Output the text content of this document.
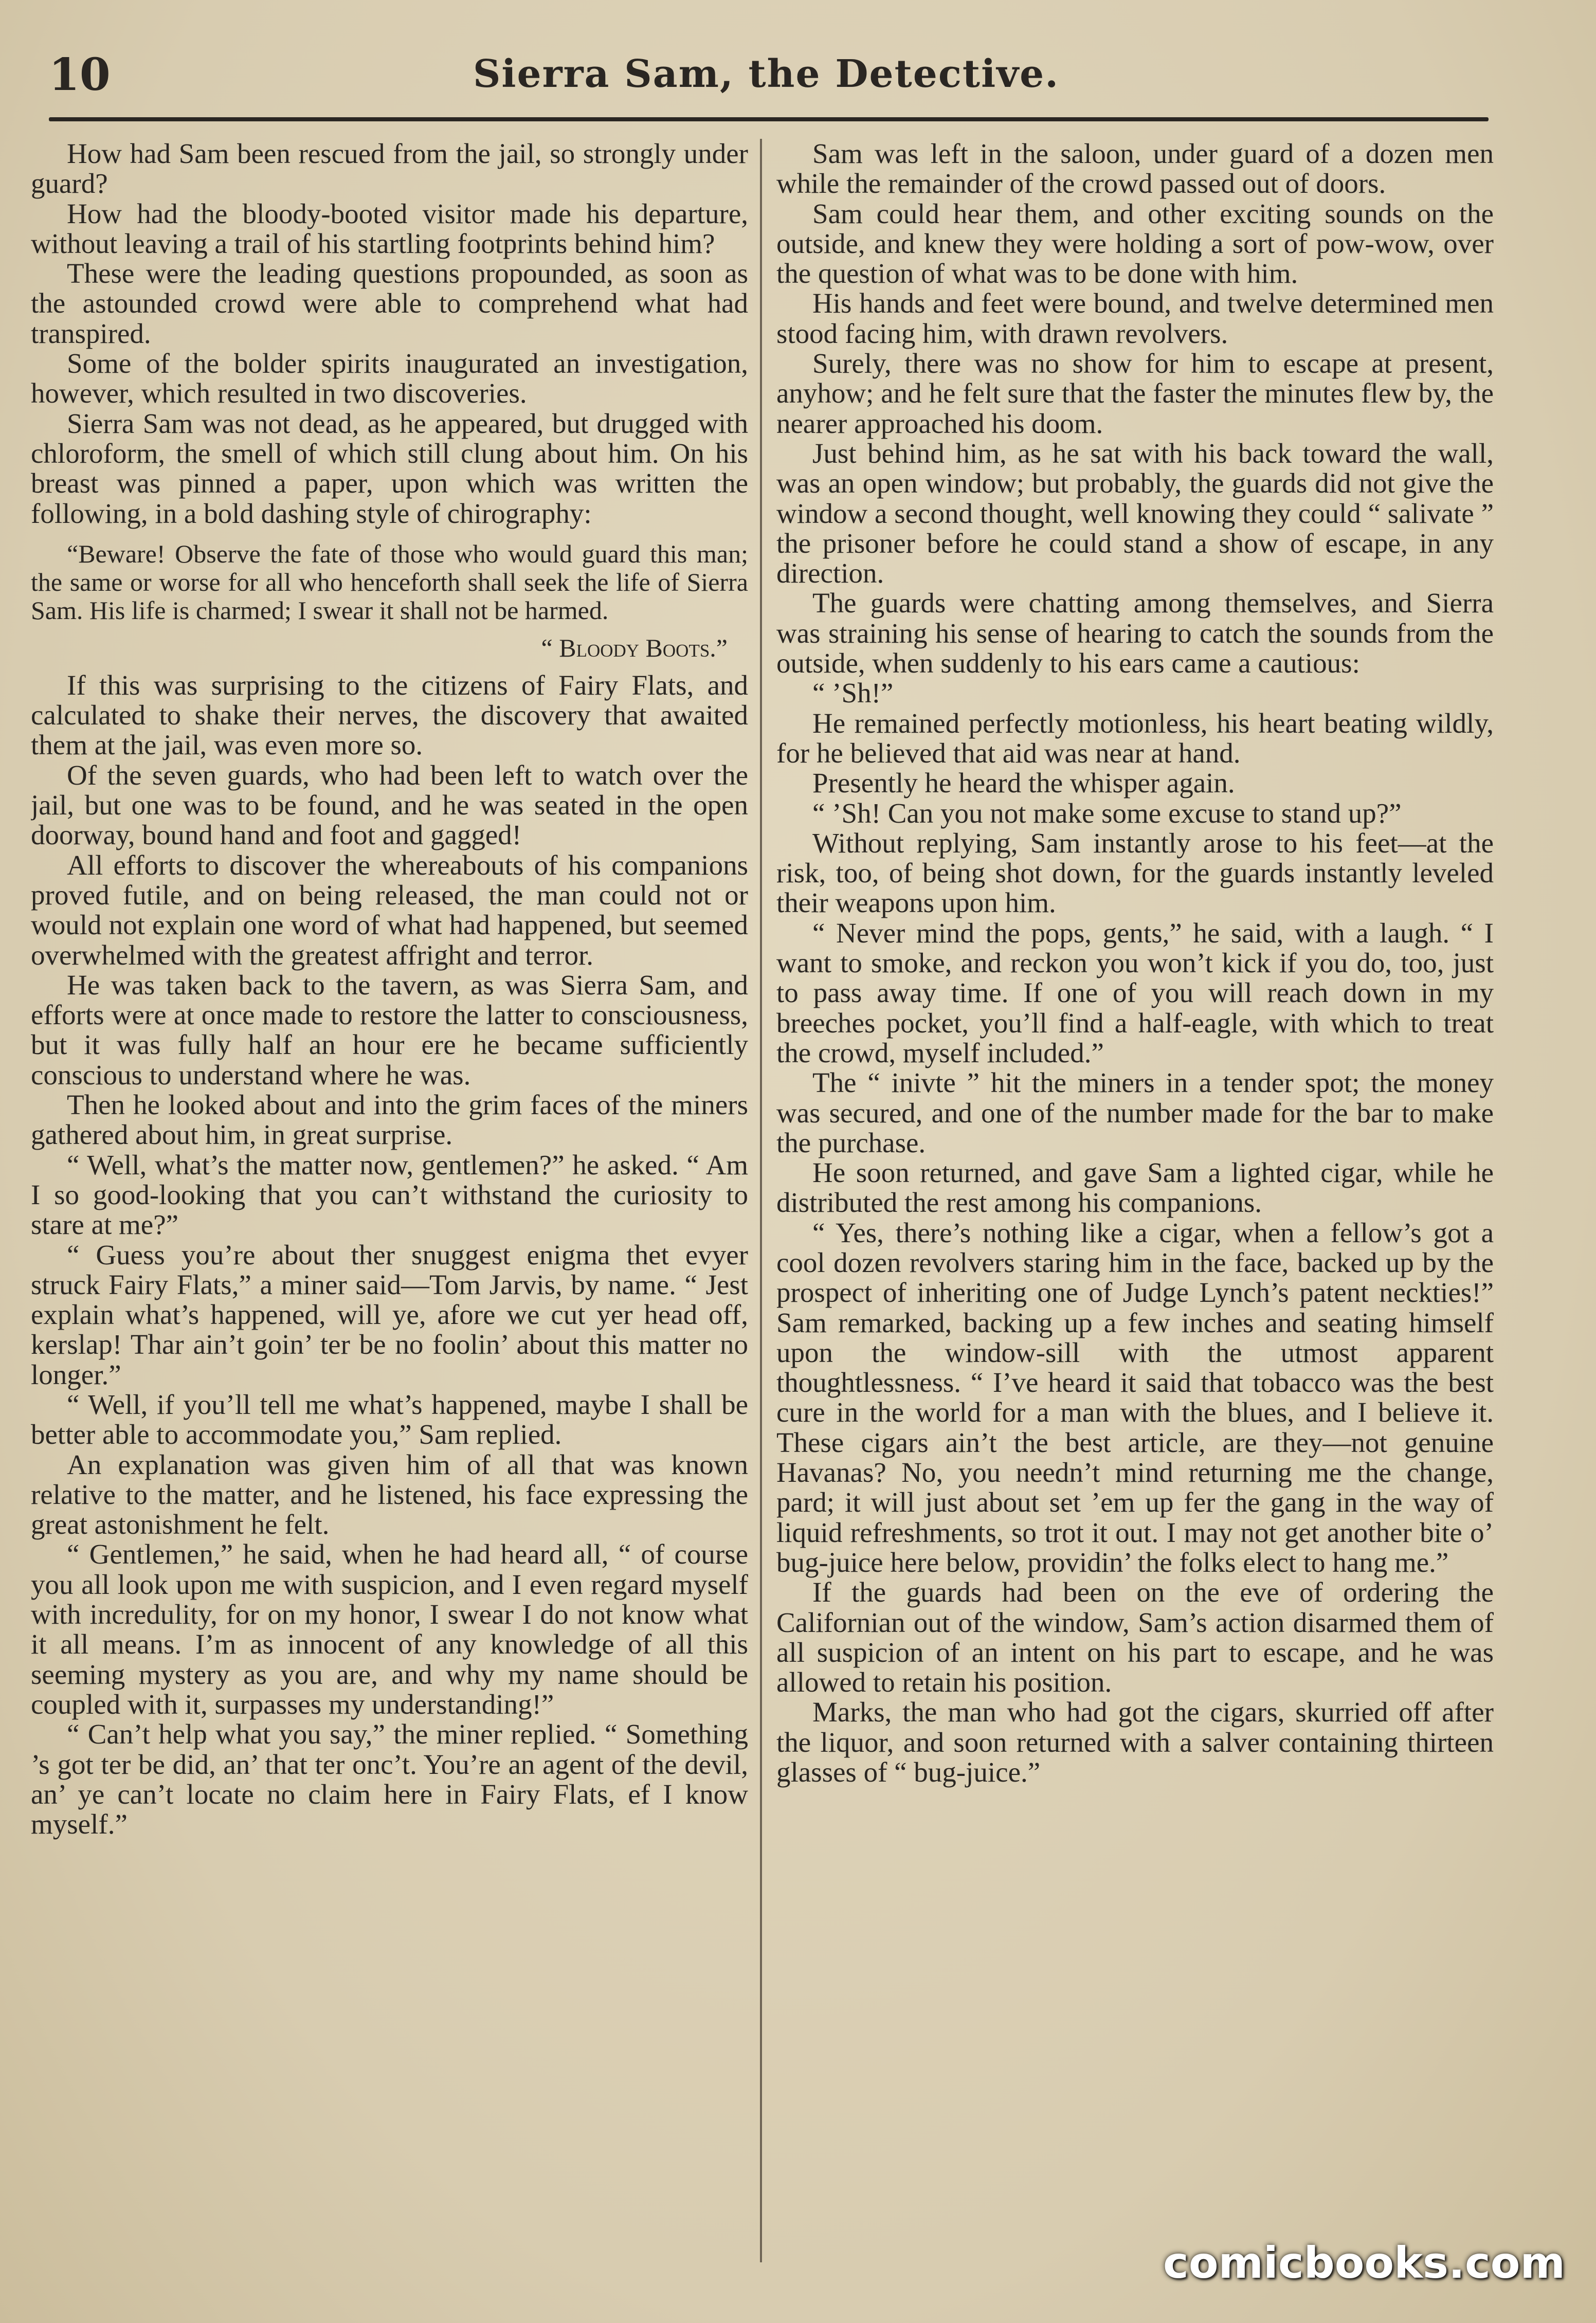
10	Sierra Sam, the Detective.

How had Sam been rescued from the jail, so strongly under guard?

How had the bloody-booted visitor made his departure, without leaving a trail of his startling footprints behind him?

These were the leading questions propounded, as soon as the astounded crowd were able to comprehend what had transpired.

Some of the bolder spirits inaugurated an investigation, however, which resulted in two discoveries.

Sierra Sam was not dead, as he appeared, but drugged with chloroform, the smell of which still clung about him. On his breast was pinned a paper, upon which was written the following, in a bold dashing style of chirography:

“Beware! Observe the fate of those who would guard this man; the same or worse for all who henceforth shall seek the life of Sierra Sam. His life is charmed; I swear it shall not be harmed.

“ Bloody Boots.”

If this was surprising to the citizens of Fairy Flats, and calculated to shake their nerves, the discovery that awaited them at the jail, was even more so.

Of the seven guards, who had been left to watch over the jail, but one was to be found, and he was seated in the open doorway, bound hand and foot and gagged!

All efforts to discover the whereabouts of his companions proved futile, and on being released, the man could not or would not explain one word of what had happened, but seemed overwhelmed with the greatest affright and terror.

He was taken back to the tavern, as was Sierra Sam, and efforts were at once made to restore the latter to consciousness, but it was fully half an hour ere he became sufficiently conscious to understand where he was.

Then he looked about and into the grim faces of the miners gathered about him, in great surprise.

“ Well, what’s the matter now, gentlemen?” he asked. “ Am I so good-looking that you can’t withstand the curiosity to stare at me?”

“ Guess you’re about ther snuggest enigma thet evyer struck Fairy Flats,” a miner said—Tom Jarvis, by name. “ Jest explain what’s happened, will ye, afore we cut yer head off, kerslap! Thar ain’t goin’ ter be no foolin’ about this matter no longer.”

“ Well, if you’ll tell me what’s happened, maybe I shall be better able to accommodate you,” Sam replied.

An explanation was given him of all that was known relative to the matter, and he listened, his face expressing the great astonishment he felt.

“ Gentlemen,” he said, when he had heard all, “ of course you all look upon me with suspicion, and I even regard myself with incredulity, for on my honor, I swear I do not know what it all means. I’m as innocent of any knowledge of all this seeming mystery as you are, and why my name should be coupled with it, surpasses my understanding!”

“ Can’t help what you say,” the miner replied. “ Something ’s got ter be did, an’ that ter onc’t. You’re an agent of the devil, an’ ye can’t locate no claim here in Fairy Flats, ef I know myself.”

Sam was left in the saloon, under guard of a dozen men while the remainder of the crowd passed out of doors.

Sam could hear them, and other exciting sounds on the outside, and knew they were holding a sort of pow-wow, over the question of what was to be done with him.

His hands and feet were bound, and twelve determined men stood facing him, with drawn revolvers.

Surely, there was no show for him to escape at present, anyhow; and he felt sure that the faster the minutes flew by, the nearer approached his doom.

Just behind him, as he sat with his back toward the wall, was an open window; but probably, the guards did not give the window a second thought, well knowing they could “ salivate ” the prisoner before he could stand a show of escape, in any direction.

The guards were chatting among themselves, and Sierra was straining his sense of hearing to catch the sounds from the outside, when suddenly to his ears came a cautious:

“ ’Sh!”

He remained perfectly motionless, his heart beating wildly, for he believed that aid was near at hand.

Presently he heard the whisper again.

“ ’Sh! Can you not make some excuse to stand up?”

Without replying, Sam instantly arose to his feet—at the risk, too, of being shot down, for the guards instantly leveled their weapons upon him.

“ Never mind the pops, gents,” he said, with a laugh. “ I want to smoke, and reckon you won’t kick if you do, too, just to pass away time. If one of you will reach down in my breeches pocket, you’ll find a half-eagle, with which to treat the crowd, myself included.”

The “ inivte ” hit the miners in a tender spot; the money was secured, and one of the number made for the bar to make the purchase.

He soon returned, and gave Sam a lighted cigar, while he distributed the rest among his companions.

“ Yes, there’s nothing like a cigar, when a fellow’s got a cool dozen revolvers staring him in the face, backed up by the prospect of inheriting one of Judge Lynch’s patent neckties!” Sam remarked, backing up a few inches and seating himself upon the window-sill with the utmost apparent thoughtlessness. “ I’ve heard it said that tobacco was the best cure in the world for a man with the blues, and I believe it. These cigars ain’t the best article, are they—not genuine Havanas? No, you needn’t mind returning me the change, pard; it will just about set ’em up fer the gang in the way of liquid refreshments, so trot it out. I may not get another bite o’ bug-juice here below, providin’ the folks elect to hang me.”

If the guards had been on the eve of ordering the Californian out of the window, Sam’s action disarmed them of all suspicion of an intent on his part to escape, and he was allowed to retain his position.

Marks, the man who had got the cigars, skurried off after the liquor, and soon returned with a salver containing thirteen glasses of “ bug-juice.”

comicbooks.com
